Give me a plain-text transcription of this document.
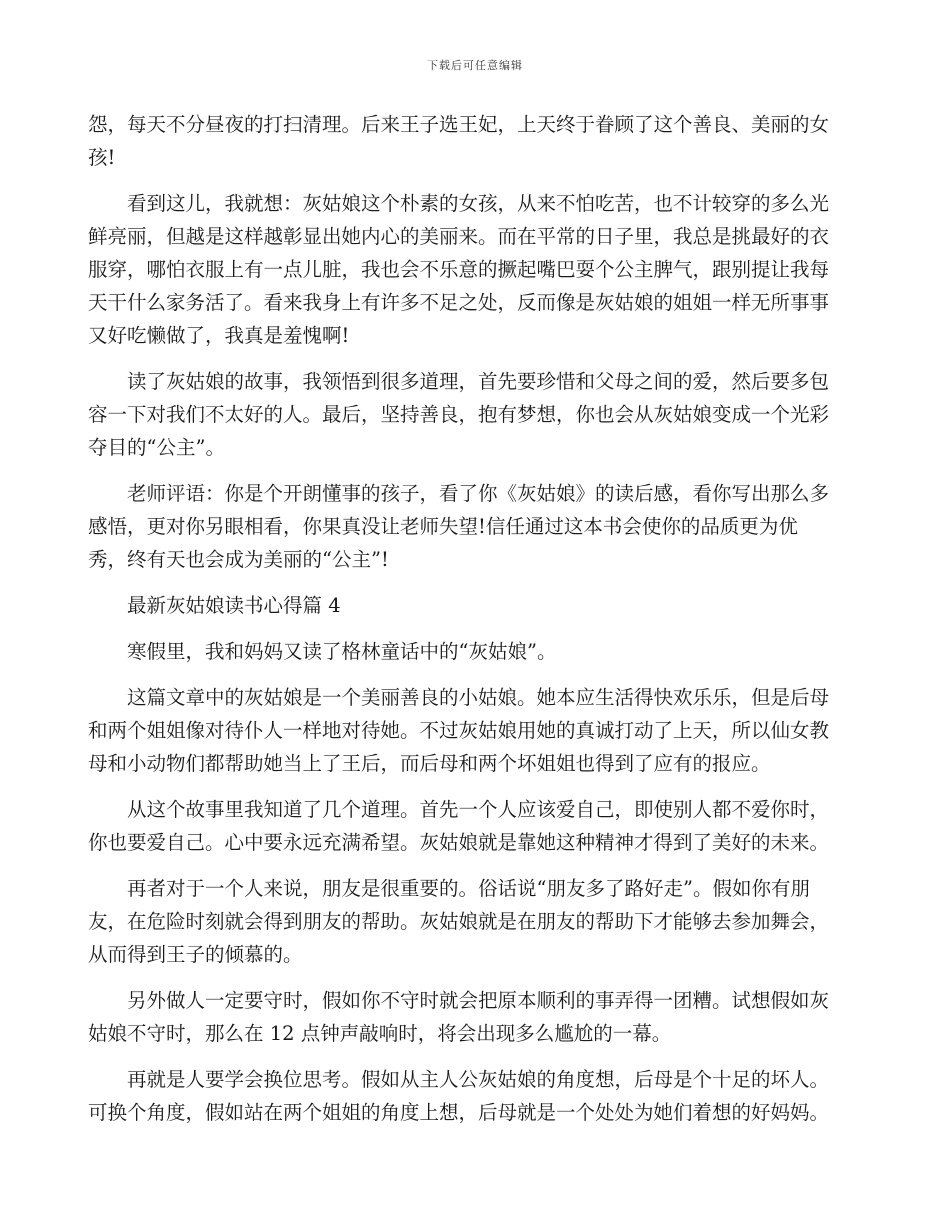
下载后可任意编辑

怨，每天不分昼夜的打扫清理。后来王子选王妃，上天终于眷顾了这个善良、美丽的女
孩!

看到这儿，我就想：灰姑娘这个朴素的女孩，从来不怕吃苦，也不计较穿的多么光
鲜亮丽，但越是这样越彰显出她内心的美丽来。而在平常的日子里，我总是挑最好的衣
服穿，哪怕衣服上有一点儿脏，我也会不乐意的撅起嘴巴耍个公主脾气，跟别提让我每
天干什么家务活了。看来我身上有许多不足之处，反而像是灰姑娘的姐姐一样无所事事
又好吃懒做了，我真是羞愧啊!

读了灰姑娘的故事，我领悟到很多道理，首先要珍惜和父母之间的爱，然后要多包
容一下对我们不太好的人。最后，坚持善良，抱有梦想，你也会从灰姑娘变成一个光彩
夺目的“公主”。

老师评语：你是个开朗懂事的孩子，看了你《灰姑娘》的读后感，看你写出那么多
感悟，更对你另眼相看，你果真没让老师失望!信任通过这本书会使你的品质更为优
秀，终有天也会成为美丽的“公主”!

最新灰姑娘读书心得篇 4

寒假里，我和妈妈又读了格林童话中的“灰姑娘”。

这篇文章中的灰姑娘是一个美丽善良的小姑娘。她本应生活得快欢乐乐，但是后母
和两个姐姐像对待仆人一样地对待她。不过灰姑娘用她的真诚打动了上天，所以仙女教
母和小动物们都帮助她当上了王后，而后母和两个坏姐姐也得到了应有的报应。

从这个故事里我知道了几个道理。首先一个人应该爱自己，即使别人都不爱你时，
你也要爱自己。心中要永远充满希望。灰姑娘就是靠她这种精神才得到了美好的未来。

再者对于一个人来说，朋友是很重要的。俗话说“朋友多了路好走”。假如你有朋
友，在危险时刻就会得到朋友的帮助。灰姑娘就是在朋友的帮助下才能够去参加舞会，
从而得到王子的倾慕的。

另外做人一定要守时，假如你不守时就会把原本顺利的事弄得一团糟。试想假如灰
姑娘不守时，那么在 12 点钟声敲响时，将会出现多么尴尬的一幕。

再就是人要学会换位思考。假如从主人公灰姑娘的角度想，后母是个十足的坏人。
可换个角度，假如站在两个姐姐的角度上想，后母就是一个处处为她们着想的好妈妈。
